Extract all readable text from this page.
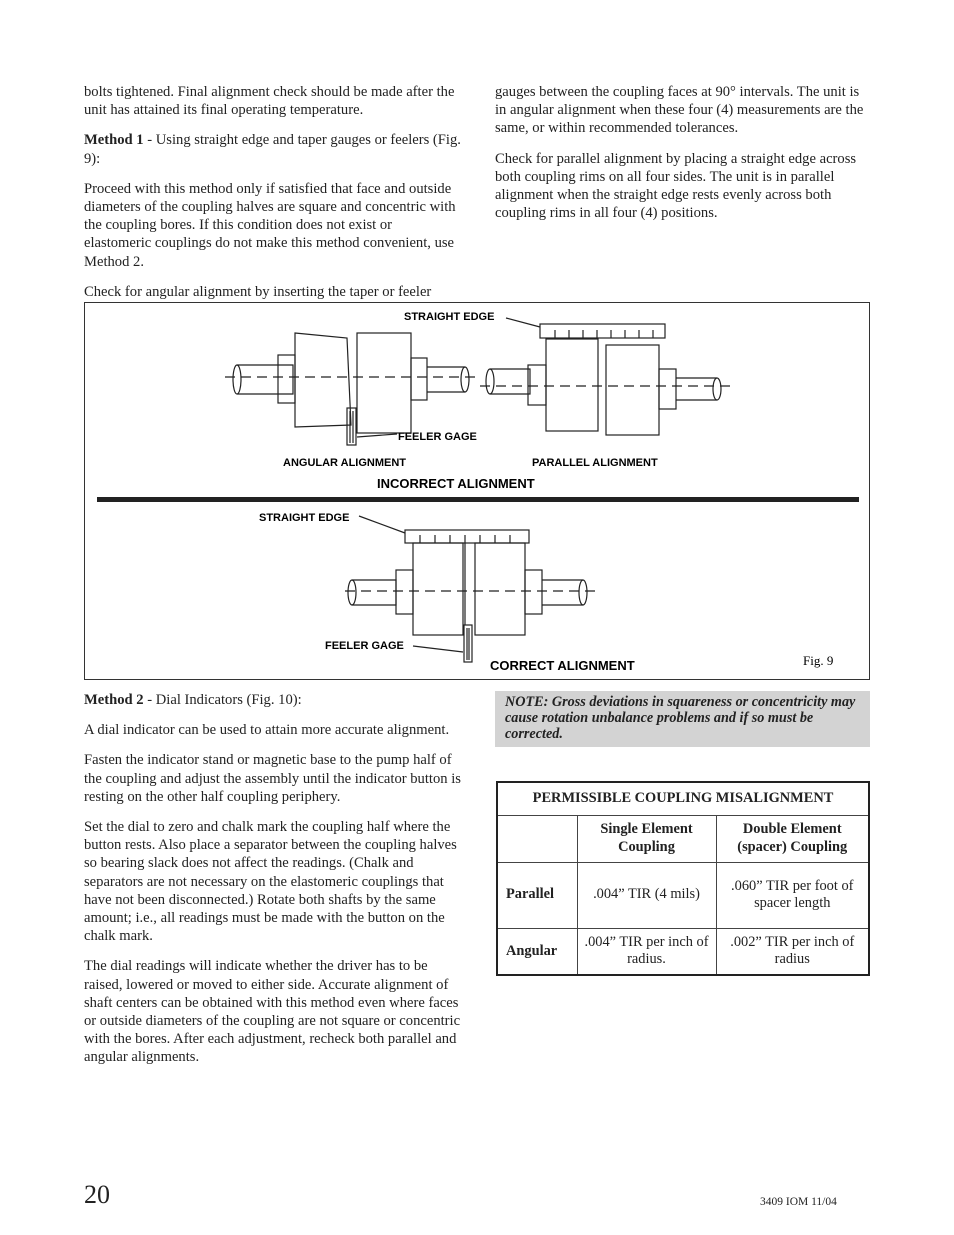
bolts tightened. Final alignment check should be made after the unit has attained its final operating temperature.

Method 1 - Using straight edge and taper gauges or feelers (Fig. 9):

Proceed with this method only if satisfied that face and outside diameters of the coupling halves are square and concentric with the coupling bores. If this condition does not exist or elastomeric couplings do not make this method convenient, use Method 2.

Check for angular alignment by inserting the taper or feeler

gauges between the coupling faces at 90° intervals. The unit is in angular alignment when these four (4) measurements are the same, or within recommended tolerances.

Check for parallel alignment by placing a straight edge across both coupling rims on all four sides. The unit is in parallel alignment when the straight edge rests evenly across both coupling rims in all four (4) positions.

STRAIGHT EDGE
FEELER GAGE
ANGULAR ALIGNMENT	PARALLEL ALIGNMENT
INCORRECT ALIGNMENT
STRAIGHT EDGE
FEELER GAGE
CORRECT ALIGNMENT	Fig. 9

Method 2 - Dial Indicators (Fig. 10):

A dial indicator can be used to attain more accurate alignment.

Fasten the indicator stand or magnetic base to the pump half of the coupling and adjust the assembly until the indicator button is resting on the other half coupling periphery.

Set the dial to zero and chalk mark the coupling half where the button rests. Also place a separator between the coupling halves so bearing slack does not affect the readings. (Chalk and separators are not necessary on the elastomeric couplings that have not been disconnected.) Rotate both shafts by the same amount; i.e., all readings must be made with the button on the chalk mark.

The dial readings will indicate whether the driver has to be raised, lowered or moved to either side. Accurate alignment of shaft centers can be obtained with this method even where faces or outside diameters of the coupling are not square or concentric with the bores. After each adjustment, recheck both parallel and angular alignments.

NOTE: Gross deviations in squareness or concentricity may cause rotation unbalance problems and if so must be corrected.
PERMISSIBLE COUPLING MISALIGNMENT		
	Single Element Coupling	Double Element (spacer) Coupling
Parallel	.004” TIR (4 mils)	.060” TIR per foot of spacer length
Angular	.004” TIR per inch of radius.	.002” TIR per inch of radius
20	3409 IOM 11/04
